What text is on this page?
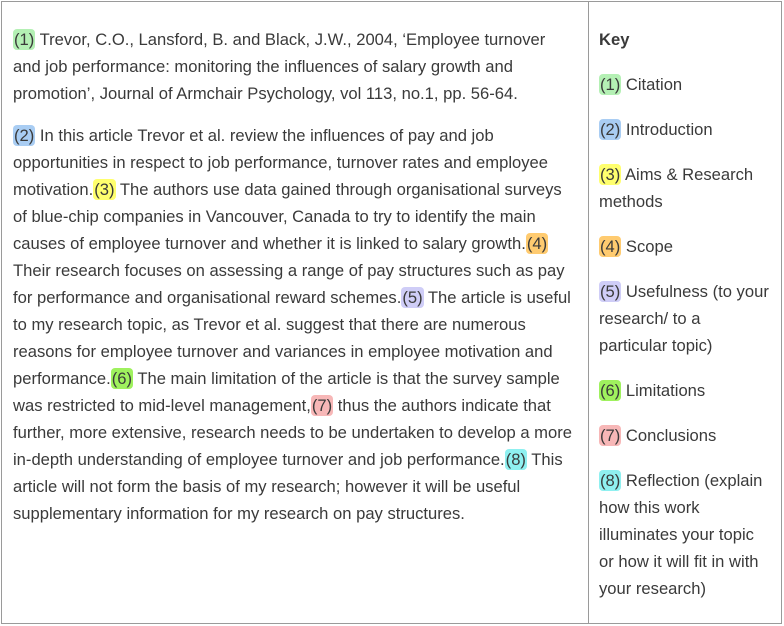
(1) Trevor, C.O., Lansford, B. and Black, J.W., 2004, ‘Employee turnover and job performance: monitoring the influences of salary growth and promotion’, Journal of Armchair Psychology, vol 113, no.1, pp. 56-64.

(2) In this article Trevor et al. review the influences of pay and job opportunities in respect to job performance, turnover rates and employee motivation.(3) The authors use data gained through organisational surveys of blue-chip companies in Vancouver, Canada to try to identify the main causes of employee turnover and whether it is linked to salary growth.(4) Their research focuses on assessing a range of pay structures such as pay for performance and organisational reward schemes.(5) The article is useful to my research topic, as Trevor et al. suggest that there are numerous reasons for employee turnover and variances in employee motivation and performance.(6) The main limitation of the article is that the survey sample was restricted to mid-level management,(7) thus the authors indicate that further, more extensive, research needs to be undertaken to develop a more in-depth understanding of employee turnover and job performance.(8) This article will not form the basis of my research; however it will be useful supplementary information for my research on pay structures.

Key
(1) Citation
(2) Introduction
(3) Aims & Research methods
(4) Scope
(5) Usefulness (to your research/ to a particular topic)
(6) Limitations
(7) Conclusions
(8) Reflection (explain how this work illuminates your topic or how it will fit in with your research)
